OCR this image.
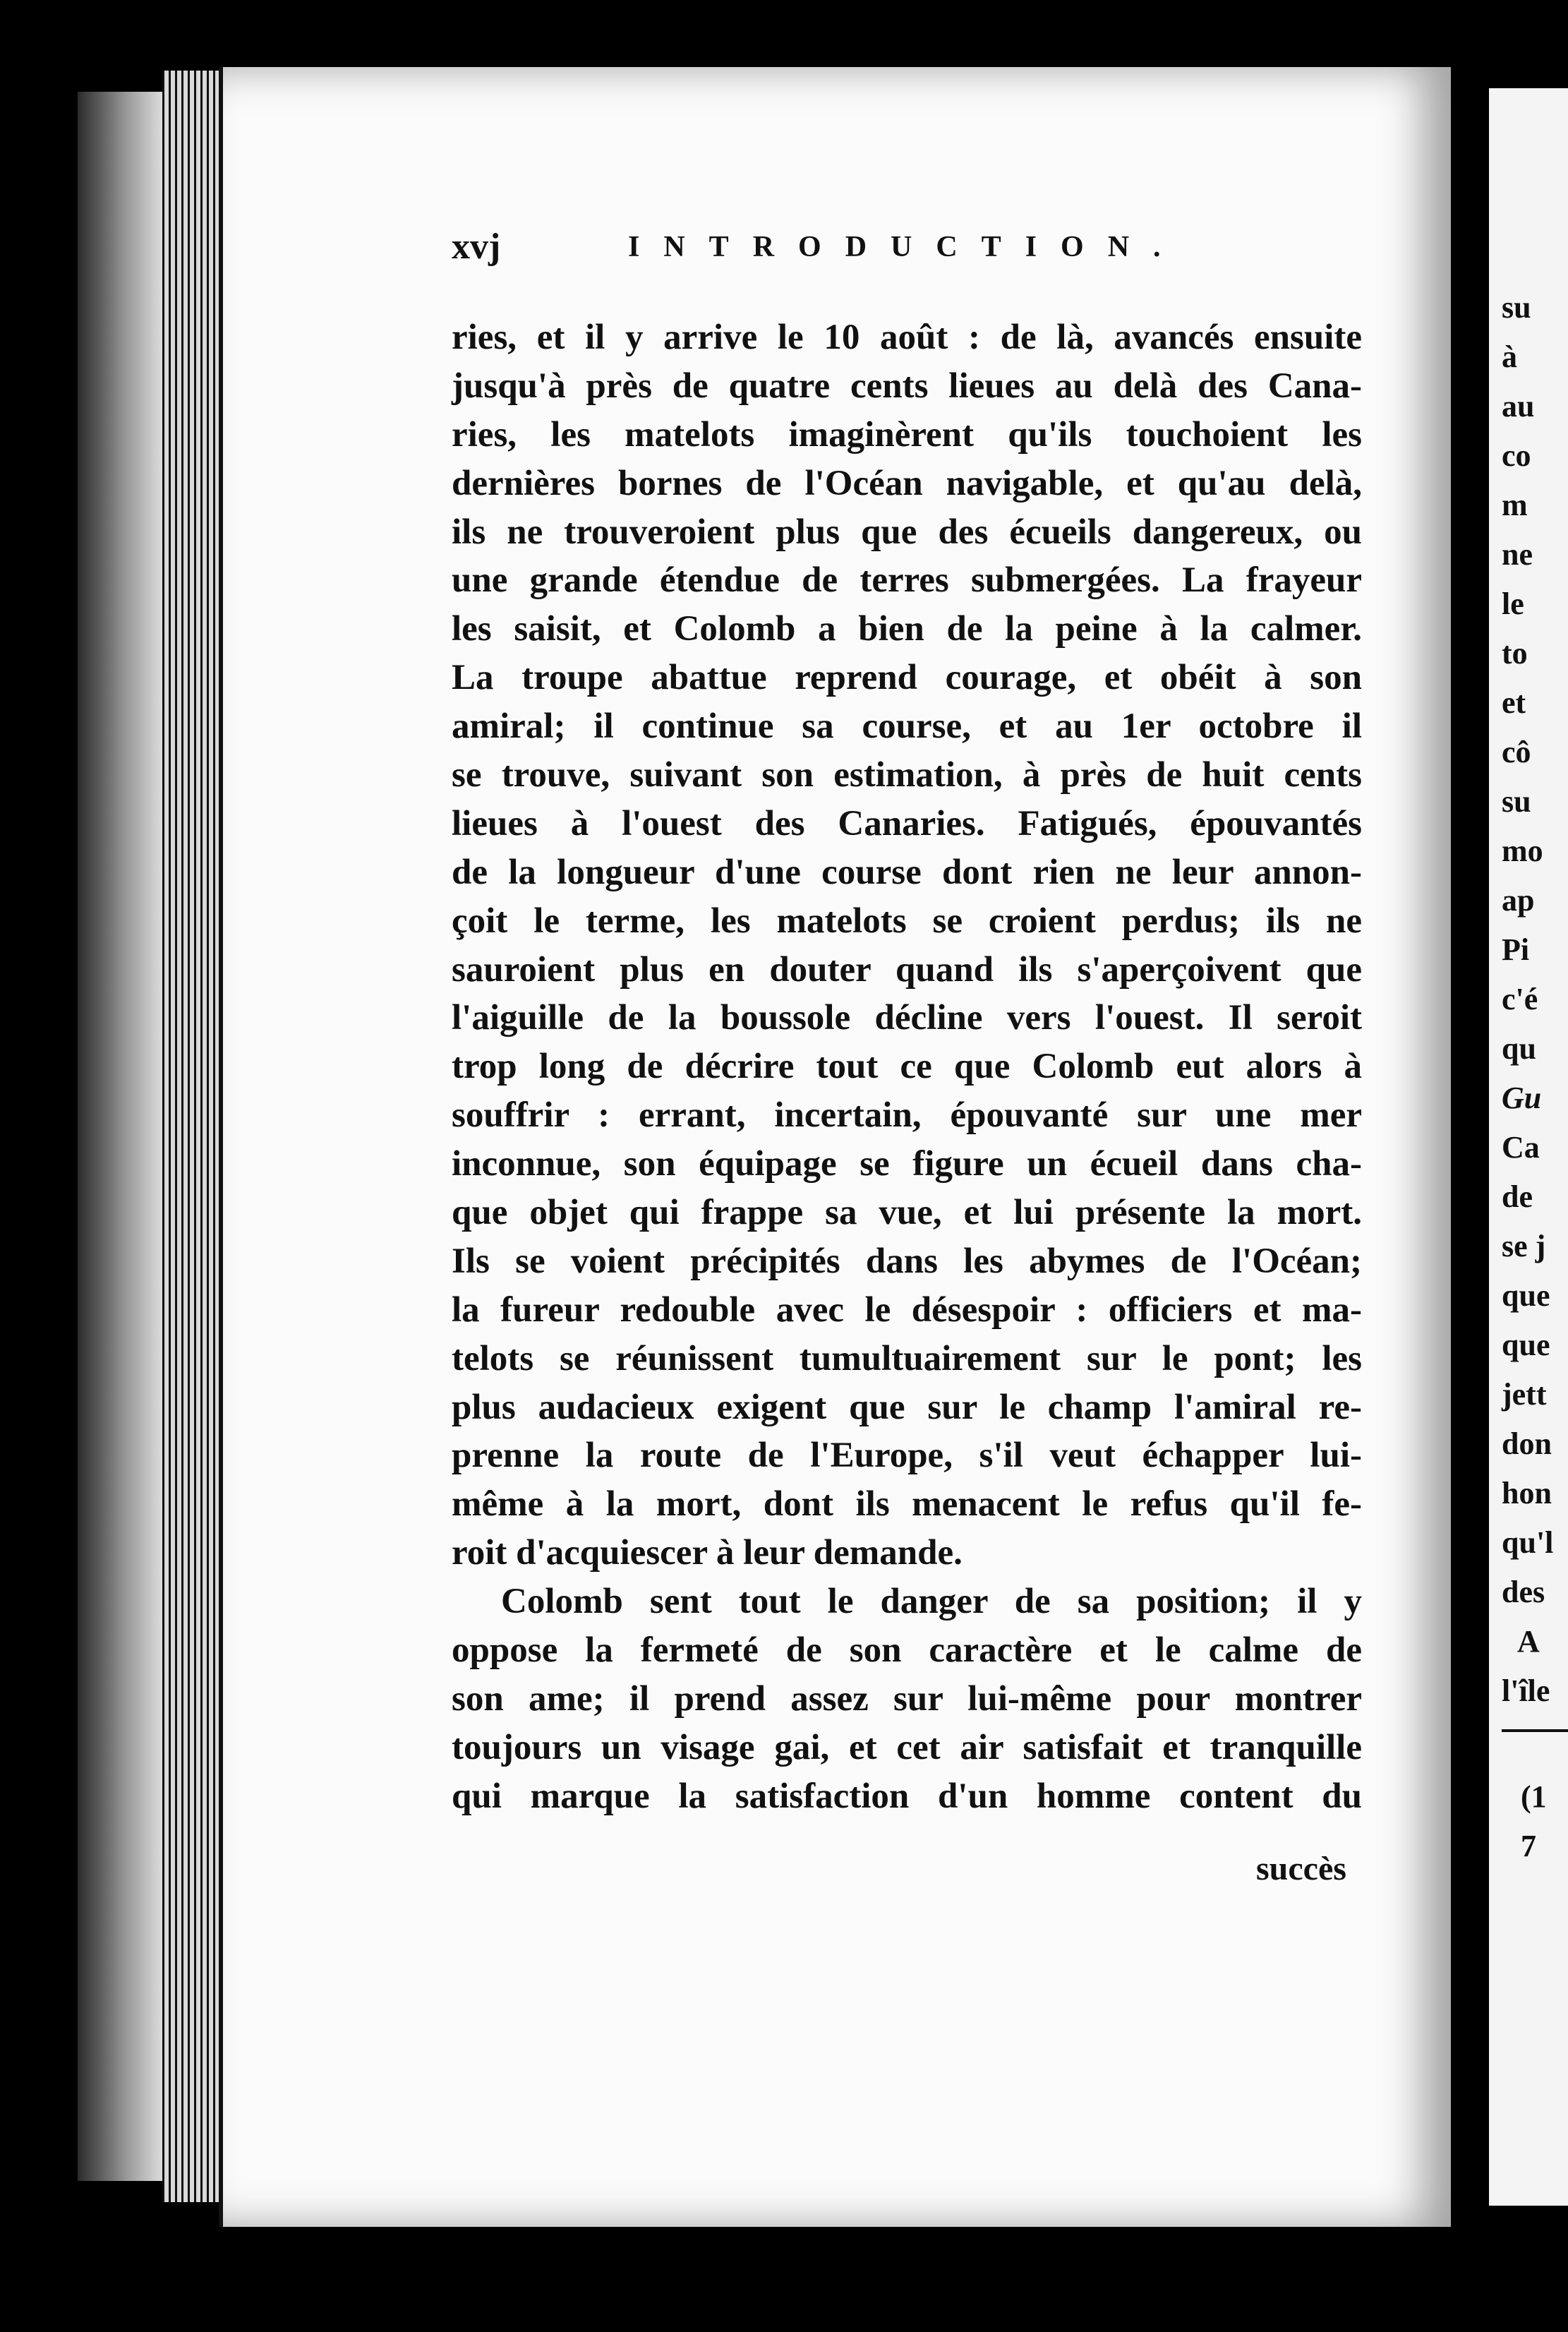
su
à
au
co
m
ne
le
to
et
cô
su
mo
ap
Pi
c'é
qu
Gu
Ca
de
se j
que
que
jett
don
hon
qu'l
des
A
l'île
(1
7
xvj	INTRODUCTION.
ries, et il y arrive le 10 août : de là, avancés ensuite
jusqu'à près de quatre cents lieues au delà des Cana-
ries, les matelots imaginèrent qu'ils touchoient les
dernières bornes de l'Océan navigable, et qu'au delà,
ils ne trouveroient plus que des écueils dangereux, ou
une grande étendue de terres submergées. La frayeur
les saisit, et Colomb a bien de la peine à la calmer.
La troupe abattue reprend courage, et obéit à son
amiral; il continue sa course, et au 1er octobre il
se trouve, suivant son estimation, à près de huit cents
lieues à l'ouest des Canaries. Fatigués, épouvantés
de la longueur d'une course dont rien ne leur annon-
çoit le terme, les matelots se croient perdus; ils ne
sauroient plus en douter quand ils s'aperçoivent que
l'aiguille de la boussole décline vers l'ouest. Il seroit
trop long de décrire tout ce que Colomb eut alors à
souffrir : errant, incertain, épouvanté sur une mer
inconnue, son équipage se figure un écueil dans cha-
que objet qui frappe sa vue, et lui présente la mort.
Ils se voient précipités dans les abymes de l'Océan;
la fureur redouble avec le désespoir : officiers et ma-
telots se réunissent tumultuairement sur le pont; les
plus audacieux exigent que sur le champ l'amiral re-
prenne la route de l'Europe, s'il veut échapper lui-
même à la mort, dont ils menacent le refus qu'il fe-
roit d'acquiescer à leur demande.
Colomb sent tout le danger de sa position; il y
oppose la fermeté de son caractère et le calme de
son ame; il prend assez sur lui-même pour montrer
toujours un visage gai, et cet air satisfait et tranquille
qui marque la satisfaction d'un homme content du
succès
